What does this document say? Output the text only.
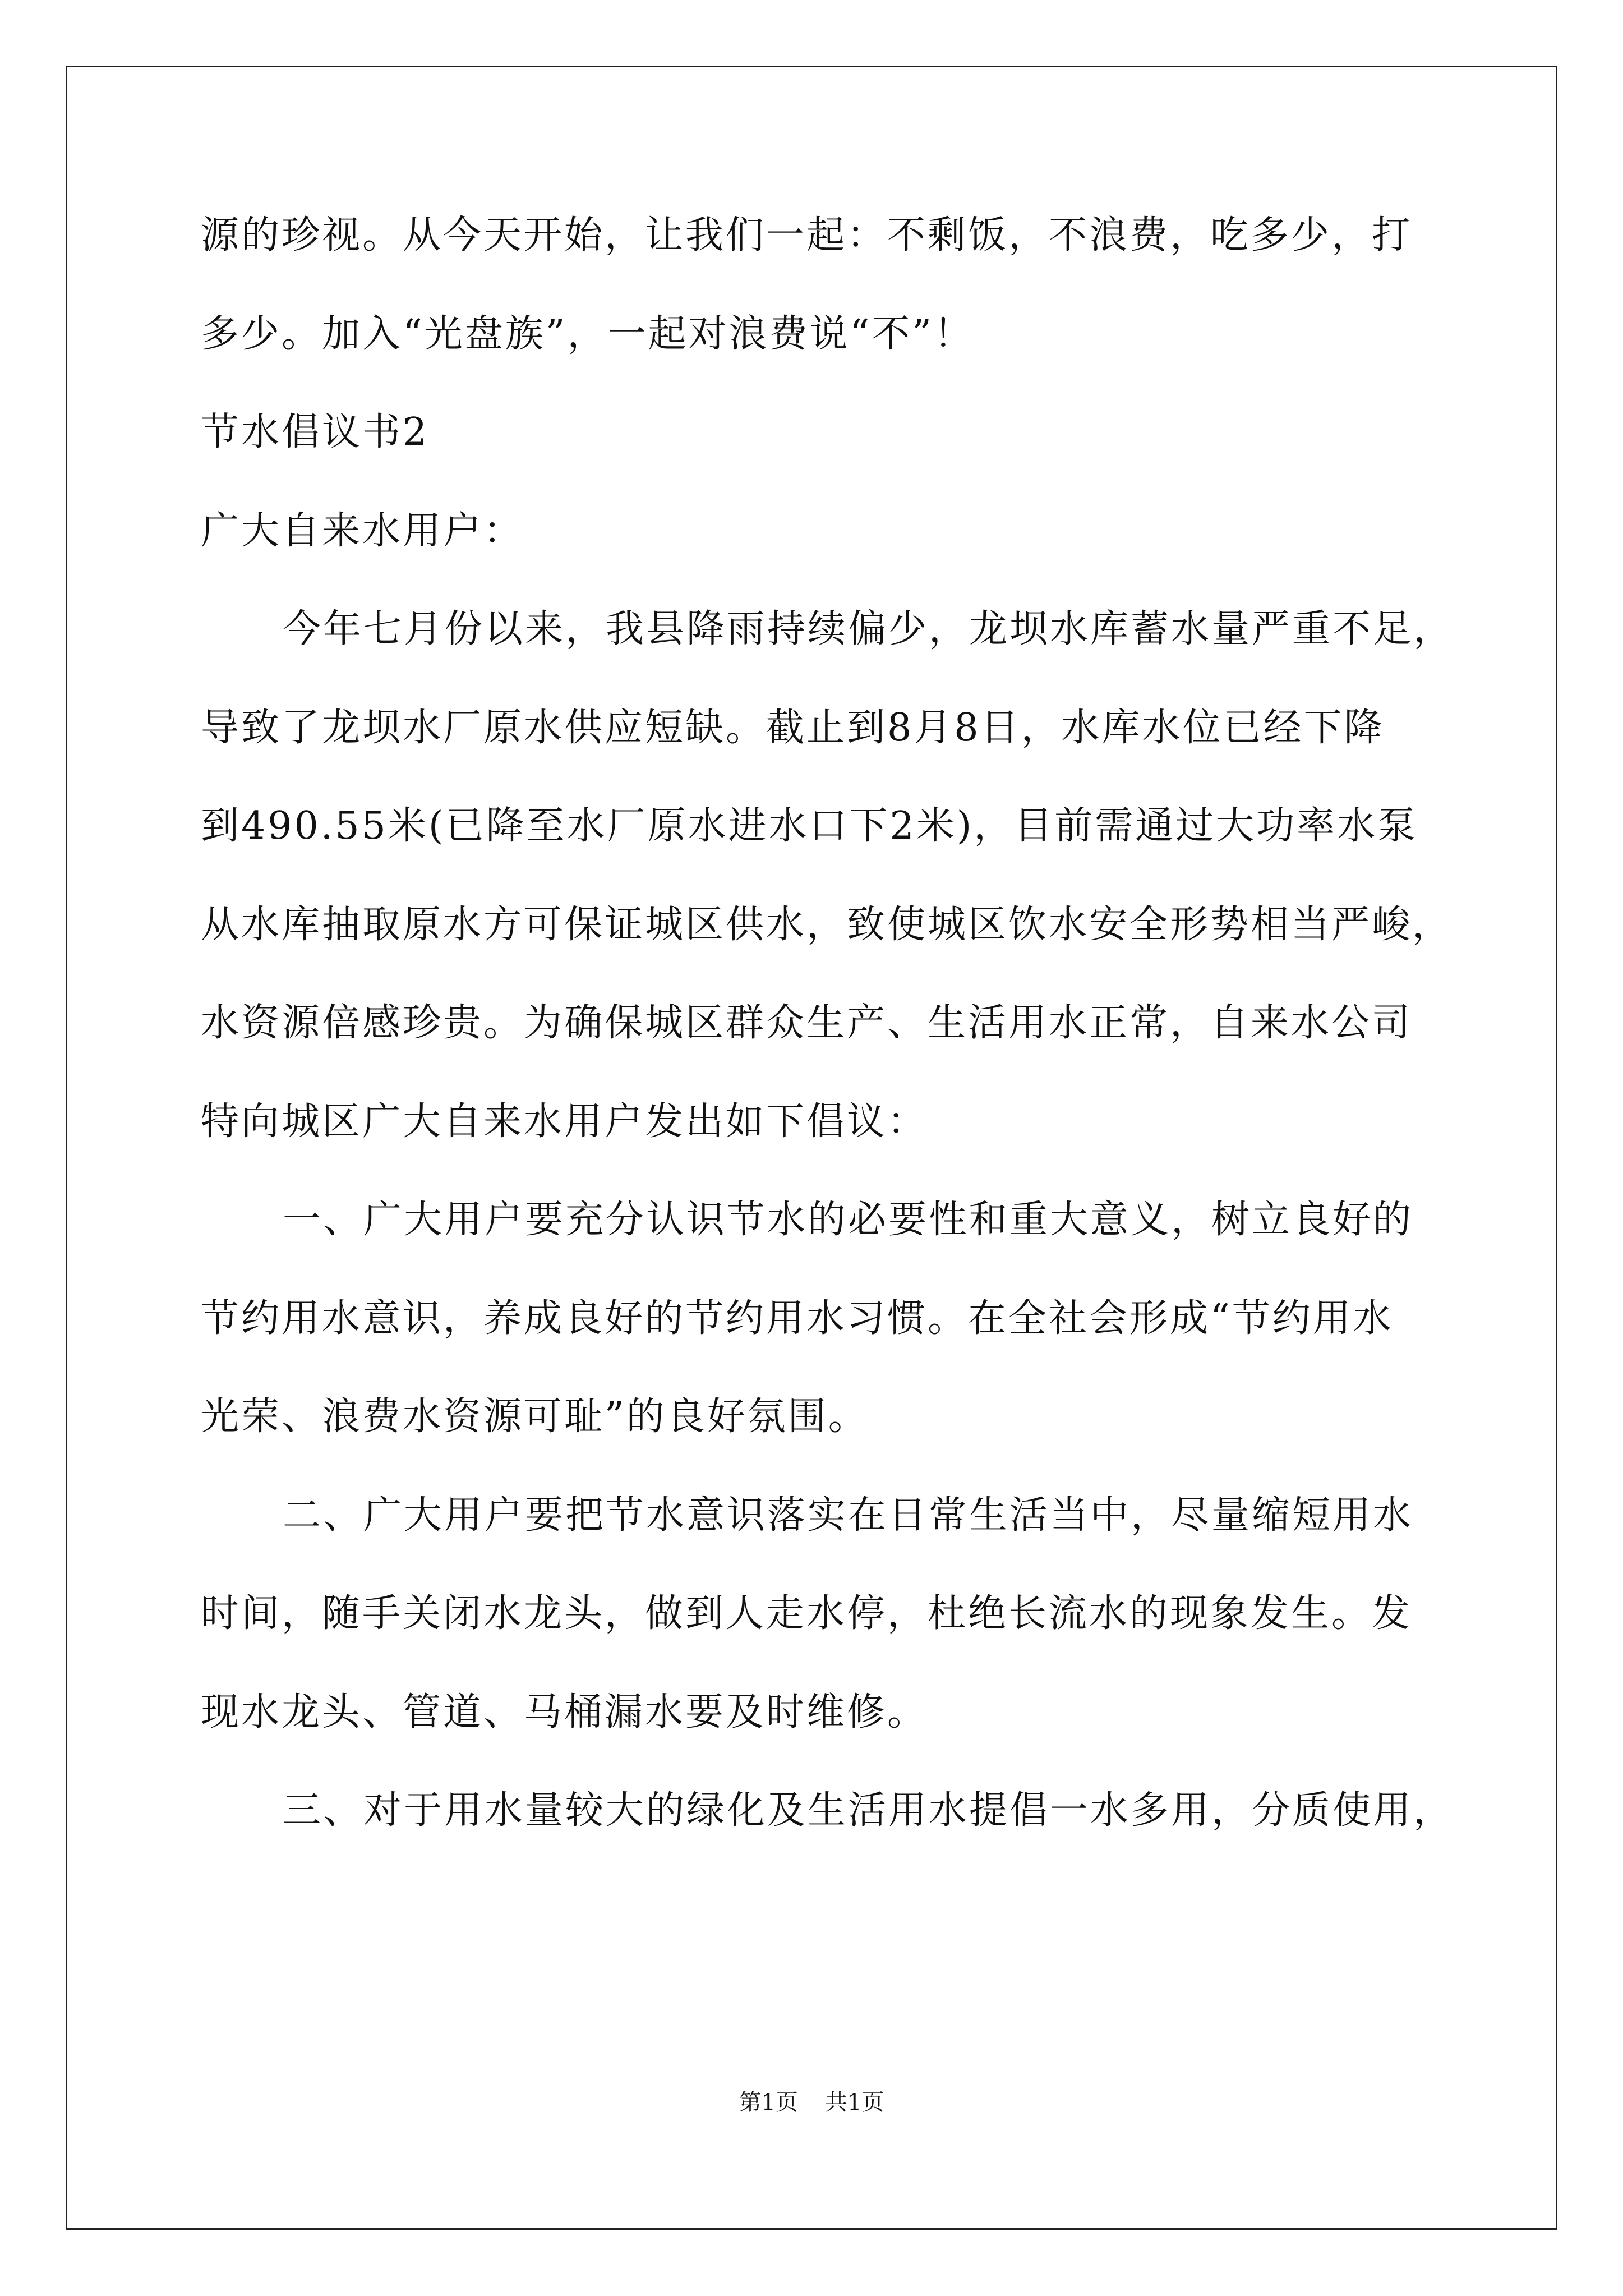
源的珍视。从今天开始，让我们一起：不剩饭，不浪费，吃多少，打
多少。加入“光盘族”，一起对浪费说“不”！
节水倡议书2
广大自来水用户：
今年七月份以来，我县降雨持续偏少，龙坝水库蓄水量严重不足，
导致了龙坝水厂原水供应短缺。截止到8月8日，水库水位已经下降
到490.55米(已降至水厂原水进水口下2米)，目前需通过大功率水泵
从水库抽取原水方可保证城区供水，致使城区饮水安全形势相当严峻，
水资源倍感珍贵。为确保城区群众生产、生活用水正常，自来水公司
特向城区广大自来水用户发出如下倡议：
一、广大用户要充分认识节水的必要性和重大意义，树立良好的
节约用水意识，养成良好的节约用水习惯。在全社会形成“节约用水
光荣、浪费水资源可耻”的良好氛围。
二、广大用户要把节水意识落实在日常生活当中，尽量缩短用水
时间，随手关闭水龙头，做到人走水停，杜绝长流水的现象发生。发
现水龙头、管道、马桶漏水要及时维修。
三、对于用水量较大的绿化及生活用水提倡一水多用，分质使用，
第1页 共1页
